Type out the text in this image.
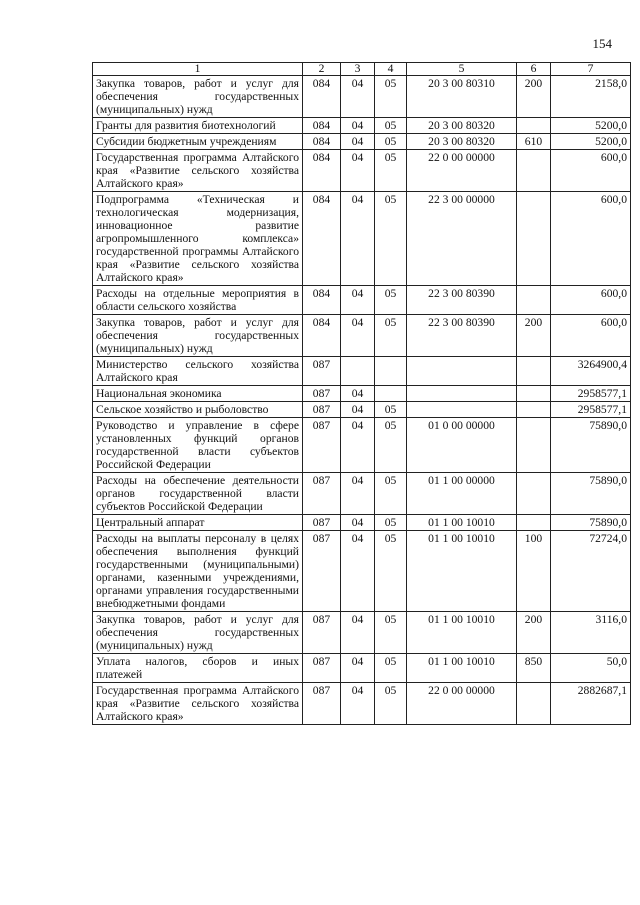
154
1	2	3	4	5	6	7
Закупка товаров, работ и услуг для обеспечения государственных (муниципальных) нужд	084	04	05	20 3 00 80310	200	2158,0
Гранты для развития биотехнологий	084	04	05	20 3 00 80320		5200,0
Субсидии бюджетным учреждениям	084	04	05	20 3 00 80320	610	5200,0
Государственная программа Алтайского края «Развитие сельского хозяйства Алтайского края»	084	04	05	22 0 00 00000		600,0
Подпрограмма «Техническая и технологическая модернизация, инновационное развитие агропромышленного комплекса» государственной программы Алтайского края «Развитие сельского хозяйства Алтайского края»	084	04	05	22 3 00 00000		600,0
Расходы на отдельные мероприятия в области сельского хозяйства	084	04	05	22 3 00 80390		600,0
Закупка товаров, работ и услуг для обеспечения государственных (муниципальных) нужд	084	04	05	22 3 00 80390	200	600,0
Министерство сельского хозяйства Алтайского края	087					3264900,4
Национальная экономика	087	04				2958577,1
Сельское хозяйство и рыболовство	087	04	05			2958577,1
Руководство и управление в сфере установленных функций органов государственной власти субъектов Российской Федерации	087	04	05	01 0 00 00000		75890,0
Расходы на обеспечение деятельности органов государственной власти субъектов Российской Федерации	087	04	05	01 1 00 00000		75890,0
Центральный аппарат	087	04	05	01 1 00 10010		75890,0
Расходы на выплаты персоналу в целях обеспечения выполнения функций государственными (муниципальными) органами, казенными учреждениями, органами управления государственными внебюджетными фондами	087	04	05	01 1 00 10010	100	72724,0
Закупка товаров, работ и услуг для обеспечения государственных (муниципальных) нужд	087	04	05	01 1 00 10010	200	3116,0
Уплата налогов, сборов и иных платежей	087	04	05	01 1 00 10010	850	50,0
Государственная программа Алтайского края «Развитие сельского хозяйства Алтайского края»	087	04	05	22 0 00 00000		2882687,1
